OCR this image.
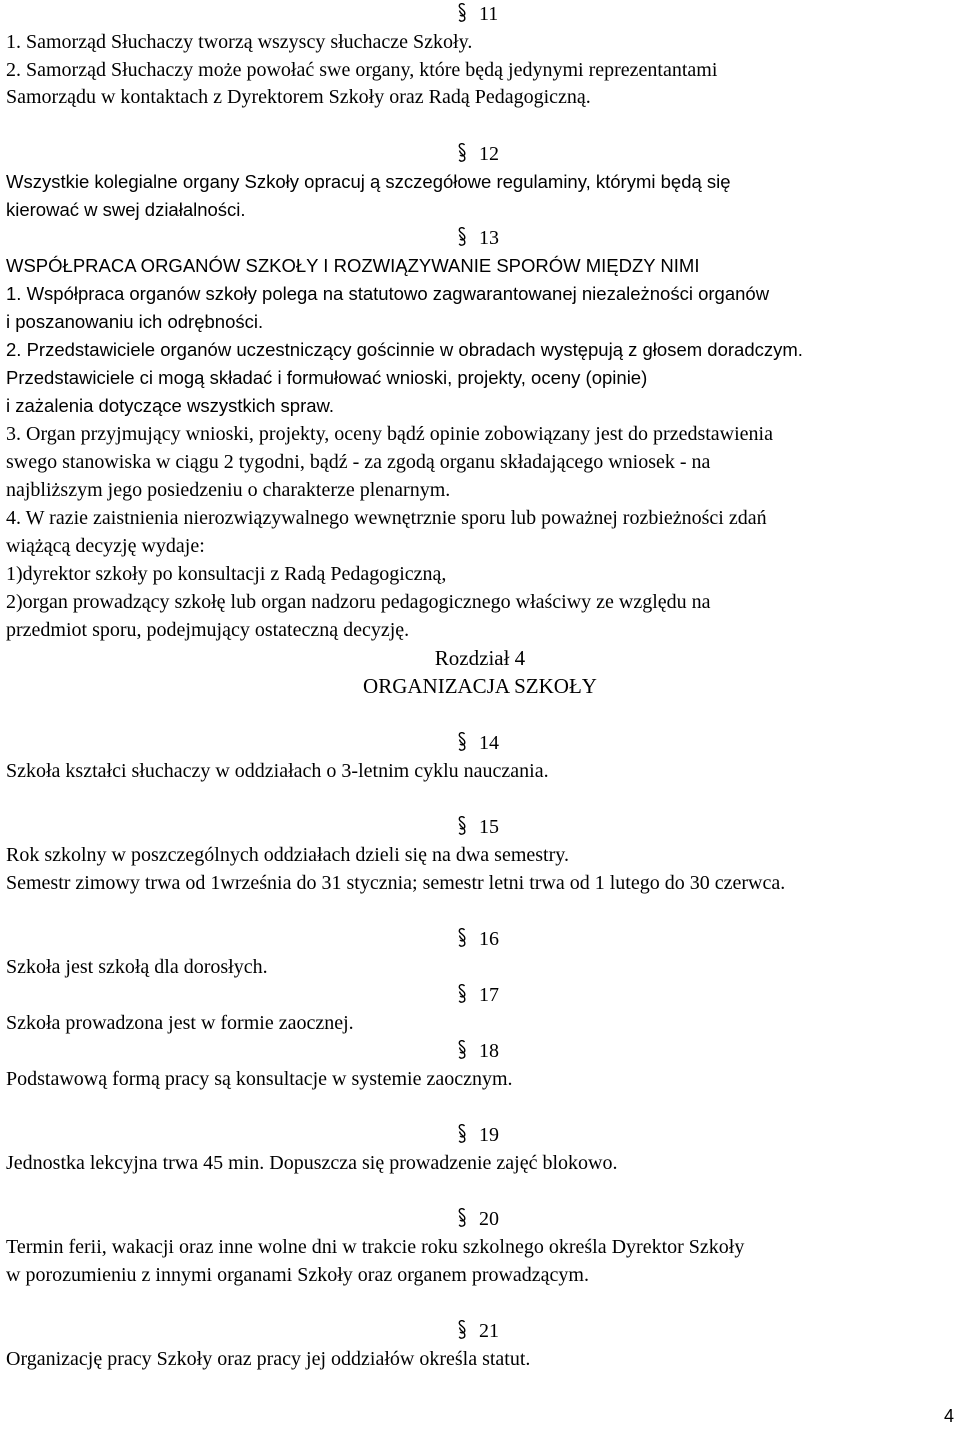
11
1. Samorząd Słuchaczy tworzą wszyscy słuchacze Szkoły.
2. Samorząd Słuchaczy może powołać swe organy, które będą jedynymi reprezentantami
Samorządu w kontaktach z Dyrektorem Szkoły oraz Radą Pedagogiczną.
12
Wszystkie kolegialne organy Szkoły opracuj ą szczegółowe regulaminy, którymi będą się
kierować w swej działalności.
13
WSPÓŁPRACA ORGANÓW SZKOŁY I ROZWIĄZYWANIE SPORÓW MIĘDZY NIMI
1. Współpraca organów szkoły polega na statutowo zagwarantowanej niezależności organów
i poszanowaniu ich odrębności.
2. Przedstawiciele organów uczestniczący gościnnie w obradach występują z głosem doradczym.
Przedstawiciele ci mogą składać i formułować wnioski, projekty, oceny (opinie)
i zażalenia dotyczące wszystkich spraw.
3. Organ przyjmujący wnioski, projekty, oceny bądź opinie zobowiązany jest do przedstawienia
swego stanowiska w ciągu 2 tygodni, bądź - za zgodą organu składającego wniosek - na
najbliższym jego posiedzeniu o charakterze plenarnym.
4. W razie zaistnienia nierozwiązywalnego wewnętrznie sporu lub poważnej rozbieżności zdań
wiążącą decyzję wydaje:
1)dyrektor szkoły po konsultacji z Radą Pedagogiczną,
2)organ prowadzący szkołę lub organ nadzoru pedagogicznego właściwy ze względu na
przedmiot sporu, podejmujący ostateczną decyzję.
Rozdział 4
ORGANIZACJA SZKOŁY
14
Szkoła kształci słuchaczy w oddziałach o 3-letnim cyklu nauczania.
15
Rok szkolny w poszczególnych oddziałach dzieli się na dwa semestry.
Semestr zimowy trwa od 1września do 31 stycznia; semestr letni trwa od 1 lutego do 30 czerwca.
16
Szkoła jest szkołą dla dorosłych.
17
Szkoła prowadzona jest w formie zaocznej.
18
Podstawową formą pracy są konsultacje w systemie zaocznym.
19
Jednostka lekcyjna trwa 45 min. Dopuszcza się prowadzenie zajęć blokowo.
20
Termin ferii, wakacji oraz inne wolne dni w trakcie roku szkolnego określa Dyrektor Szkoły
w porozumieniu z innymi organami Szkoły oraz organem prowadzącym.
21
Organizację pracy Szkoły oraz pracy jej oddziałów określa statut.
4
